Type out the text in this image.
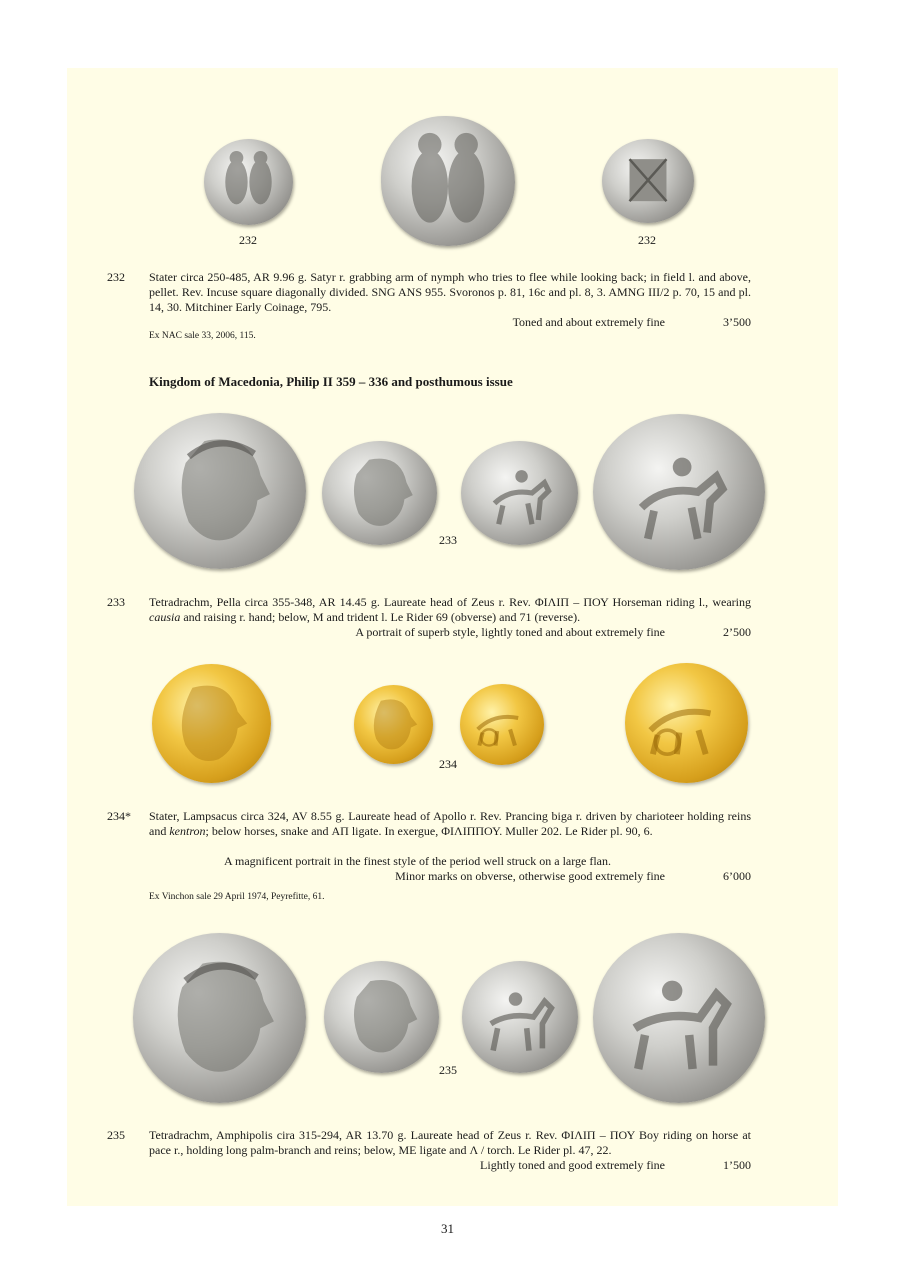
232	232
232 Stater circa 250-485, AR 9.96 g. Satyr r. grabbing arm of nymph who tries to flee while looking back; in field l. and above, pellet. Rev. Incuse square diagonally divided. SNG ANS 955. Svoronos p. 81, 16c and pl. 8, 3. AMNG III/2 p. 70, 15 and pl. 14, 30. Mitchiner Early Coinage, 795.
Toned and about extremely fine	3’500
Ex NAC sale 33, 2006, 115.
Kingdom of Macedonia, Philip II 359 – 336 and posthumous issue
233
233 Tetradrachm, Pella circa 355-348, AR 14.45 g. Laureate head of Zeus r. Rev. ΦΙΛΙΠ – ΠΟΥ Horseman riding l., wearing causia and raising r. hand; below, M and trident l. Le Rider 69 (obverse) and 71 (reverse).
A portrait of superb style, lightly toned and about extremely fine	2’500
234
234* Stater, Lampsacus circa 324, AV 8.55 g. Laureate head of Apollo r. Rev. Prancing biga r. driven by charioteer holding reins and kentron; below horses, snake and ΑΠ ligate. In exergue, ΦΙΛΙΠΠΟΥ. Muller 202. Le Rider pl. 90, 6.
A magnificent portrait in the finest style of the period well struck on a large flan.
Minor marks on obverse, otherwise good extremely fine	6’000
Ex Vinchon sale 29 April 1974, Peyrefitte, 61.
235
235 Tetradrachm, Amphipolis cira 315-294, AR 13.70 g. Laureate head of Zeus r. Rev. ΦΙΛΙΠ – ΠΟΥ Boy riding on horse at pace r., holding long palm-branch and reins; below, ΜΕ ligate and Λ / torch. Le Rider pl. 47, 22.
Lightly toned and good extremely fine	1’500
31
